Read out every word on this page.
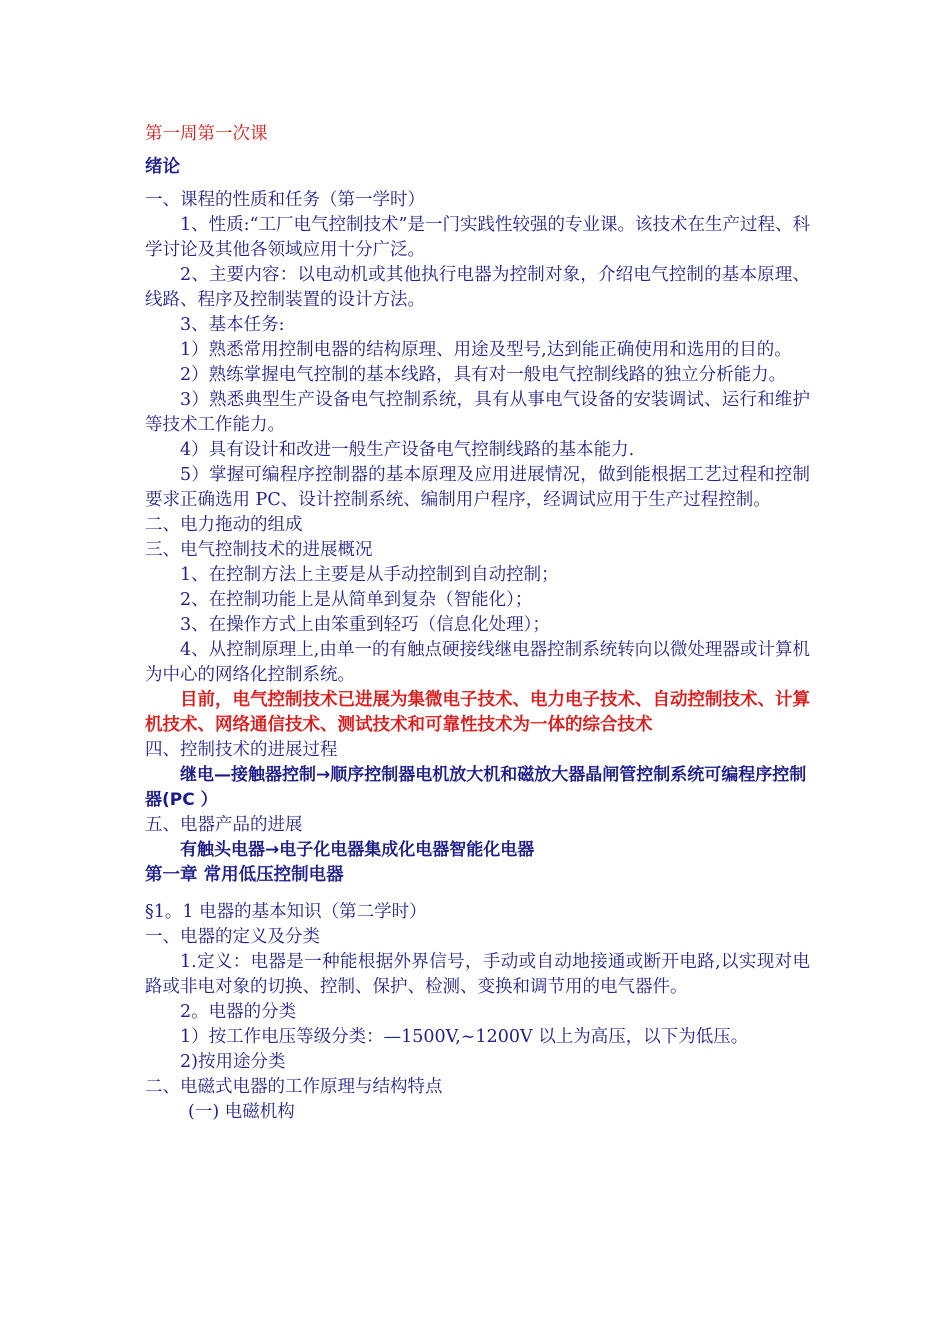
第一周第一次课
绪论
一、课程的性质和任务（第一学时）
1、性质:“工厂电气控制技术”是一门实践性较强的专业课。该技术在生产过程、科学讨论及其他各领域应用十分广泛。
2、主要内容：以电动机或其他执行电器为控制对象，介绍电气控制的基本原理、线路、程序及控制装置的设计方法。
3、基本任务:
1）熟悉常用控制电器的结构原理、用途及型号,达到能正确使用和选用的目的。
2）熟练掌握电气控制的基本线路，具有对一般电气控制线路的独立分析能力。
3）熟悉典型生产设备电气控制系统，具有从事电气设备的安装调试、运行和维护等技术工作能力。
4）具有设计和改进一般生产设备电气控制线路的基本能力.
5）掌握可编程序控制器的基本原理及应用进展情况，做到能根据工艺过程和控制要求正确选用 PC、设计控制系统、编制用户程序，经调试应用于生产过程控制。
二、电力拖动的组成
三、电气控制技术的进展概况
1、在控制方法上主要是从手动控制到自动控制；
2、在控制功能上是从简单到复杂（智能化）；
3、在操作方式上由笨重到轻巧（信息化处理）；
4、从控制原理上,由单一的有触点硬接线继电器控制系统转向以微处理器或计算机为中心的网络化控制系统。
目前，电气控制技术已进展为集微电子技术、电力电子技术、自动控制技术、计算机技术、网络通信技术、测试技术和可靠性技术为一体的综合技术
四、控制技术的进展过程
继电—接触器控制→顺序控制器电机放大机和磁放大器晶闸管控制系统可编程序控制器(PC ）
五、电器产品的进展
有触头电器→电子化电器集成化电器智能化电器
第一章 常用低压控制电器
§1。1 电器的基本知识（第二学时）
一、电器的定义及分类
1.定义：电器是一种能根据外界信号，手动或自动地接通或断开电路,以实现对电路或非电对象的切换、控制、保护、检测、变换和调节用的电气器件。
2。电器的分类
1）按工作电压等级分类：—1500V,~1200V 以上为高压，以下为低压。
2)按用途分类
二、电磁式电器的工作原理与结构特点
(一) 电磁机构
